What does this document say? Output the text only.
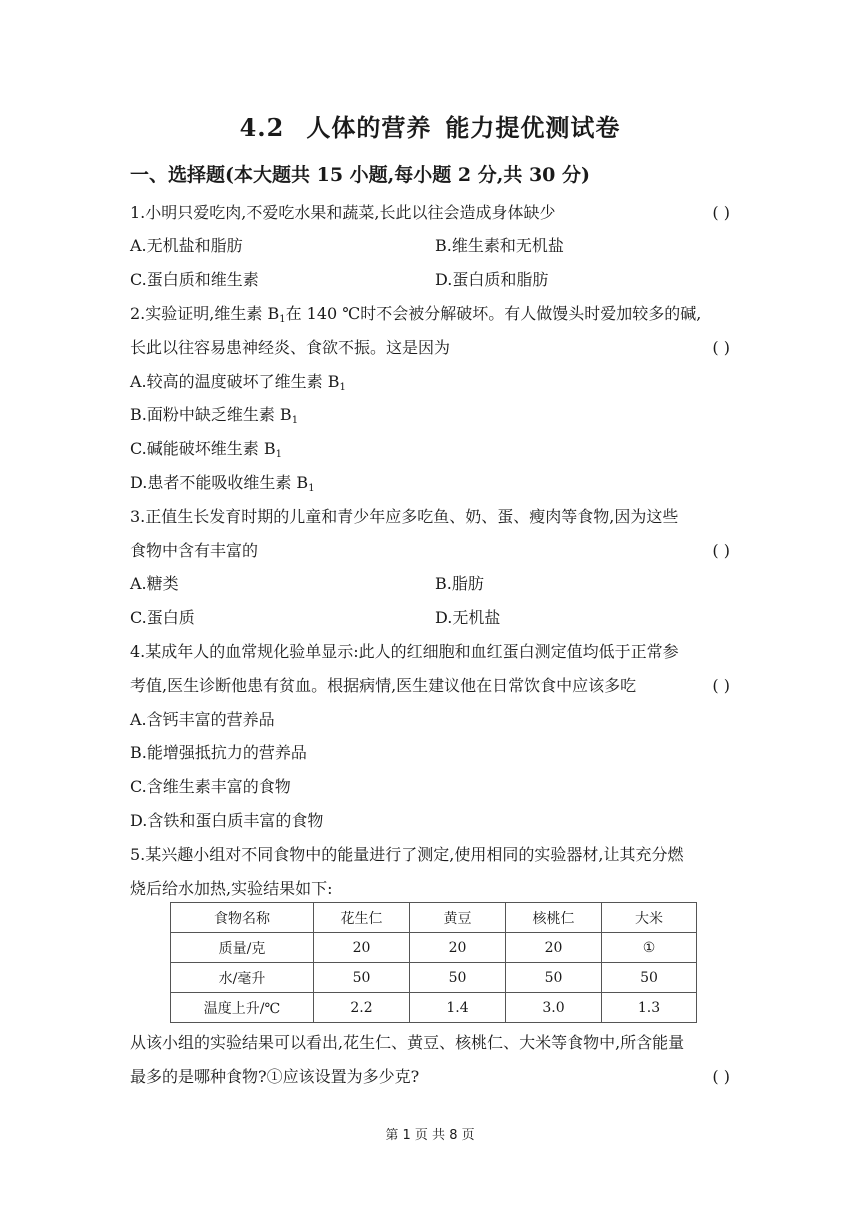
4.2 人体的营养 能力提优测试卷
一、选择题(本大题共 15 小题,每小题 2 分,共 30 分)
1.小明只爱吃肉,不爱吃水果和蔬菜,长此以往会造成身体缺少	( )
A.无机盐和脂肪	B.维生素和无机盐
C.蛋白质和维生素	D.蛋白质和脂肪
2.实验证明,维生素 $B_1$在 140 ℃时不会被分解破坏。有人做馒头时爱加较多的碱,
长此以往容易患神经炎、食欲不振。这是因为	( )
A.较高的温度破坏了维生素 $B_1$
B.面粉中缺乏维生素 $B_1$
C.碱能破坏维生素 $B_1$
D.患者不能吸收维生素 $B_1$
3.正值生长发育时期的儿童和青少年应多吃鱼、奶、蛋、瘦肉等食物,因为这些
食物中含有丰富的	( )
A.糖类	B.脂肪
C.蛋白质	D.无机盐
4.某成年人的血常规化验单显示:此人的红细胞和血红蛋白测定值均低于正常参
考值,医生诊断他患有贫血。根据病情,医生建议他在日常饮食中应该多吃	( )
A.含钙丰富的营养品
B.能增强抵抗力的营养品
C.含维生素丰富的食物
D.含铁和蛋白质丰富的食物
5.某兴趣小组对不同食物中的能量进行了测定,使用相同的实验器材,让其充分燃
烧后给水加热,实验结果如下:
食物名称	花生仁	黄豆	核桃仁	大米
质量/克	20	20	20	①
水/毫升	50	50	50	50
温度上升/℃	2.2	1.4	3.0	1.3
从该小组的实验结果可以看出,花生仁、黄豆、核桃仁、大米等食物中,所含能量
最多的是哪种食物?①应该设置为多少克?	( )
第 1 页 共 8 页
